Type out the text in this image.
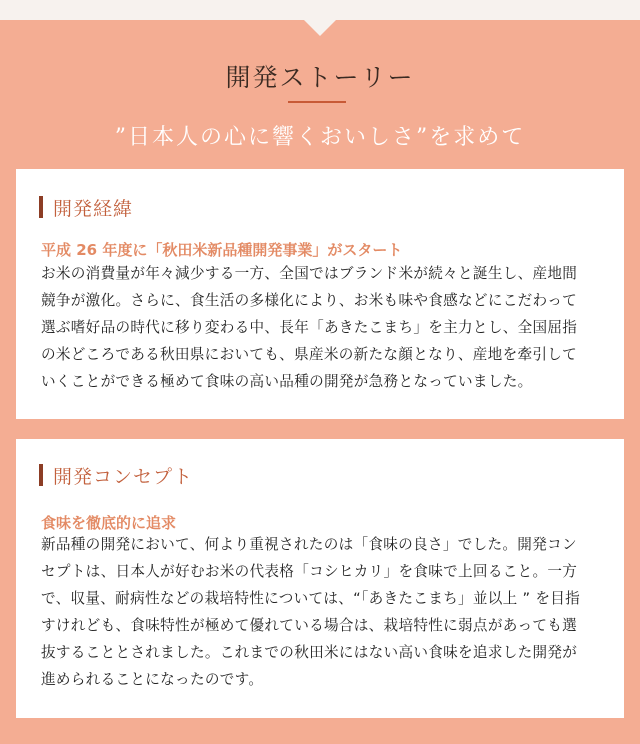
開発ストーリー
”日本人の心に響くおいしさ”を求めて
開発経緯
平成 26 年度に「秋田米新品種開発事業」がスタート
お米の消費量が年々減少する一方、全国ではブランド米が続々と誕生し、産地間
競争が激化。さらに、食生活の多様化により、お米も味や食感などにこだわって
選ぶ嗜好品の時代に移り変わる中、長年「あきたこまち」を主力とし、全国屈指
の米どころである秋田県においても、県産米の新たな顔となり、産地を牽引して
いくことができる極めて食味の高い品種の開発が急務となっていました。
開発コンセプト
食味を徹底的に追求
新品種の開発において、何より重視されたのは「食味の良さ」でした。開発コン
セプトは、日本人が好むお米の代表格「コシヒカリ」を食味で上回ること。一方
で、収量、耐病性などの栽培特性については、“「あきたこまち」並以上 ” を目指
すけれども、食味特性が極めて優れている場合は、栽培特性に弱点があっても選
抜することとされました。これまでの秋田米にはない高い食味を追求した開発が
進められることになったのです。
